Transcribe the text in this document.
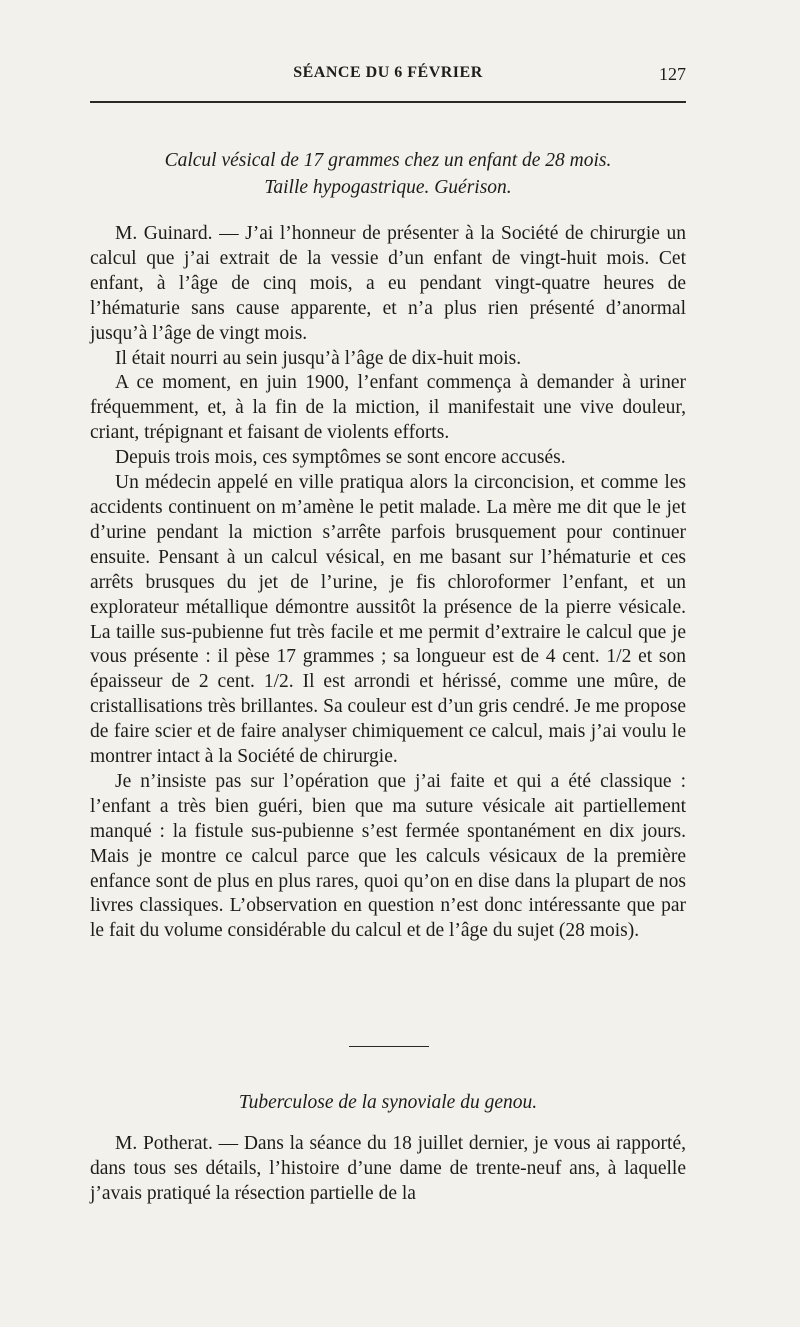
SÉANCE DU 6 FÉVRIER	127
Calcul vésical de 17 grammes chez un enfant de 28 mois.
Taille hypogastrique. Guérison.

M. Guinard. — J’ai l’honneur de présenter à la Société de chirurgie un calcul que j’ai extrait de la vessie d’un enfant de vingt-huit mois. Cet enfant, à l’âge de cinq mois, a eu pendant vingt-quatre heures de l’hématurie sans cause apparente, et n’a plus rien présenté d’anormal jusqu’à l’âge de vingt mois.

Il était nourri au sein jusqu’à l’âge de dix-huit mois.

A ce moment, en juin 1900, l’enfant commença à demander à uriner fréquemment, et, à la fin de la miction, il manifestait une vive douleur, criant, trépignant et faisant de violents efforts.

Depuis trois mois, ces symptômes se sont encore accusés.

Un médecin appelé en ville pratiqua alors la circoncision, et comme les accidents continuent on m’amène le petit malade. La mère me dit que le jet d’urine pendant la miction s’arrête parfois brusquement pour continuer ensuite. Pensant à un calcul vésical, en me basant sur l’hématurie et ces arrêts brusques du jet de l’urine, je fis chloroformer l’enfant, et un explorateur métallique démontre aussitôt la présence de la pierre vésicale. La taille sus-pubienne fut très facile et me permit d’extraire le calcul que je vous présente : il pèse 17 grammes ; sa longueur est de 4 cent. 1/2 et son épaisseur de 2 cent. 1/2. Il est arrondi et hérissé, comme une mûre, de cristallisations très brillantes. Sa couleur est d’un gris cendré. Je me propose de faire scier et de faire analyser chimiquement ce calcul, mais j’ai voulu le montrer intact à la Société de chirurgie.

Je n’insiste pas sur l’opération que j’ai faite et qui a été classique : l’enfant a très bien guéri, bien que ma suture vésicale ait partiellement manqué : la fistule sus-pubienne s’est fermée spontanément en dix jours. Mais je montre ce calcul parce que les calculs vésicaux de la première enfance sont de plus en plus rares, quoi qu’on en dise dans la plupart de nos livres classiques. L’observation en question n’est donc intéressante que par le fait du volume considérable du calcul et de l’âge du sujet (28 mois).

Tuberculose de la synoviale du genou.

M. Potherat. — Dans la séance du 18 juillet dernier, je vous ai rapporté, dans tous ses détails, l’histoire d’une dame de trente-neuf ans, à laquelle j’avais pratiqué la résection partielle de la
